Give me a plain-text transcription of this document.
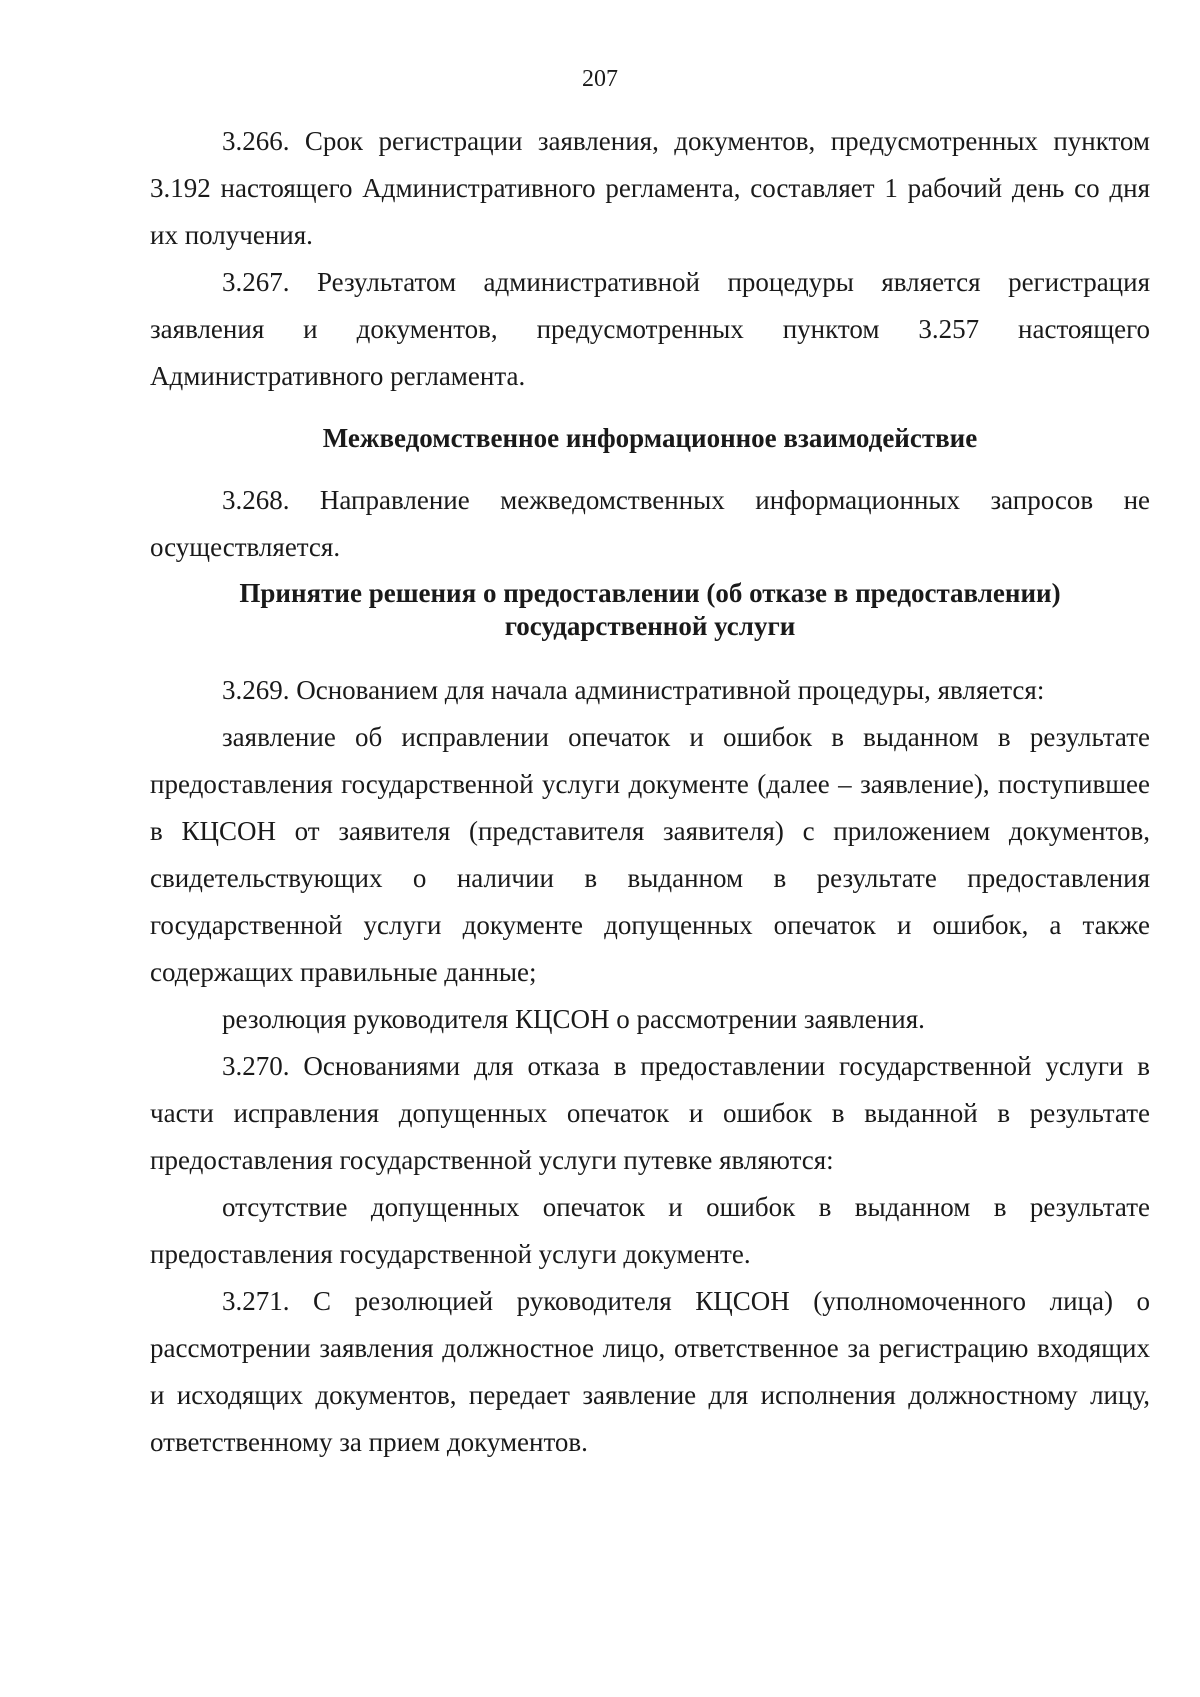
207

3.266. Срок регистрации заявления, документов, предусмотренных пунктом 3.192 настоящего Административного регламента, составляет 1 рабочий день со дня их получения.

3.267. Результатом административной процедуры является регистрация заявления и документов, предусмотренных пунктом 3.257 настоящего Административного регламента.

Межведомственное информационное взаимодействие

3.268. Направление межведомственных информационных запросов не осуществляется.

Принятие решения о предоставлении (об отказе в предоставлении)
государственной услуги

3.269. Основанием для начала административной процедуры, является:

заявление об исправлении опечаток и ошибок в выданном в результате предоставления государственной услуги документе (далее – заявление), поступившее в КЦСОН от заявителя (представителя заявителя) с приложением документов, свидетельствующих о наличии в выданном в результате предоставления государственной услуги документе допущенных опечаток и ошибок, а также содержащих правильные данные;

резолюция руководителя КЦСОН о рассмотрении заявления.

3.270. Основаниями для отказа в предоставлении государственной услуги в части исправления допущенных опечаток и ошибок в выданной в результате предоставления государственной услуги путевке являются:

отсутствие допущенных опечаток и ошибок в выданном в результате предоставления государственной услуги документе.

3.271. С резолюцией руководителя КЦСОН (уполномоченного лица) о рассмотрении заявления должностное лицо, ответственное за регистрацию входящих и исходящих документов, передает заявление для исполнения должностному лицу, ответственному за прием документов.
